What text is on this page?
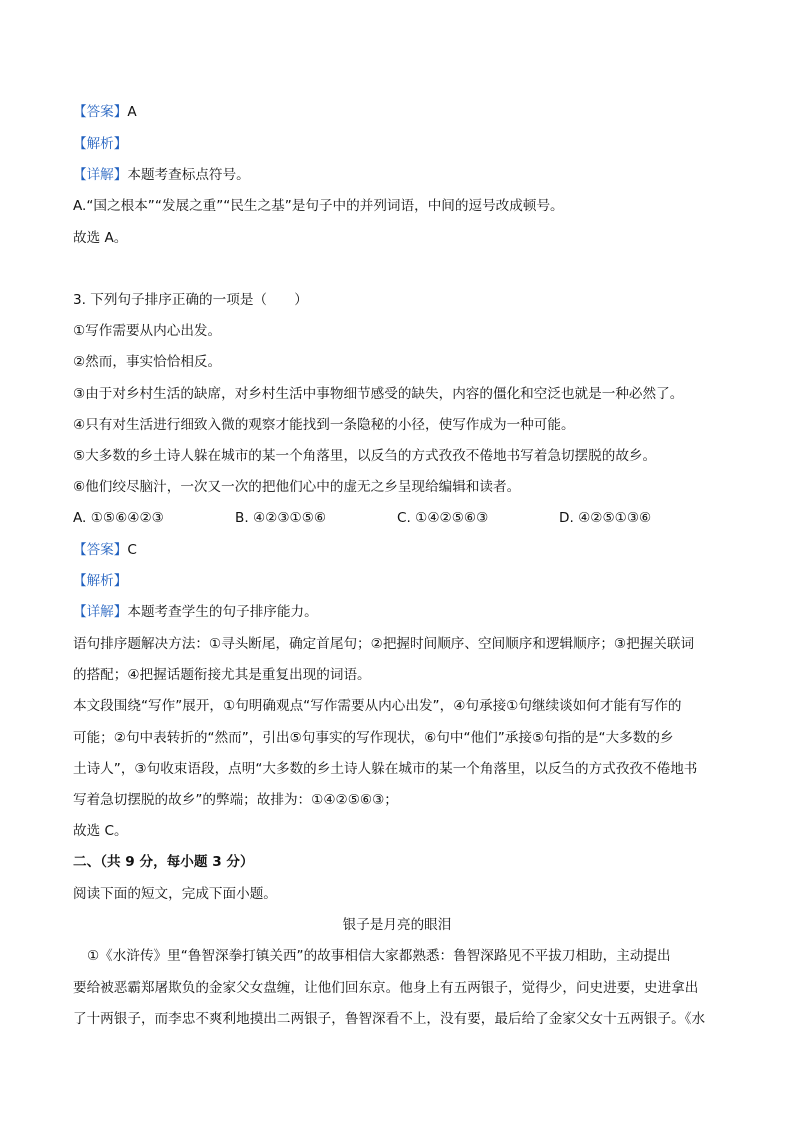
【答案】A
【解析】
【详解】本题考查标点符号。
A.“国之根本”“发展之重”“民生之基”是句子中的并列词语，中间的逗号改成顿号。
故选 A。
3. 下列句子排序正确的一项是（　　）
①写作需要从内心出发。
②然而，事实恰恰相反。
③由于对乡村生活的缺席，对乡村生活中事物细节感受的缺失，内容的僵化和空泛也就是一种必然了。
④只有对生活进行细致入微的观察才能找到一条隐秘的小径，使写作成为一种可能。
⑤大多数的乡土诗人躲在城市的某一个角落里，以反刍的方式孜孜不倦地书写着急切摆脱的故乡。
⑥他们绞尽脑汁，一次又一次的把他们心中的虚无之乡呈现给编辑和读者。
A. ①⑤⑥④②③	B. ④②③①⑤⑥	C. ①④②⑤⑥③	D. ④②⑤①③⑥
【答案】C
【解析】
【详解】本题考查学生的句子排序能力。
语句排序题解决方法：①寻头断尾，确定首尾句；②把握时间顺序、空间顺序和逻辑顺序；③把握关联词
的搭配；④把握话题衔接尤其是重复出现的词语。
本文段围绕“写作”展开，①句明确观点“写作需要从内心出发”，④句承接①句继续谈如何才能有写作的
可能；②句中表转折的“然而”，引出⑤句事实的写作现状，⑥句中“他们”承接⑤句指的是“大多数的乡
土诗人”，③句收束语段，点明“大多数的乡土诗人躲在城市的某一个角落里，以反刍的方式孜孜不倦地书
写着急切摆脱的故乡”的弊端；故排为：①④②⑤⑥③；
故选 C。
二、（共 9 分，每小题 3 分）
阅读下面的短文，完成下面小题。
银子是月亮的眼泪
①《水浒传》里“鲁智深拳打镇关西”的故事相信大家都熟悉：鲁智深路见不平拔刀相助，主动提出
要给被恶霸郑屠欺负的金家父女盘缠，让他们回东京。他身上有五两银子，觉得少，问史进要，史进拿出
了十两银子，而李忠不爽利地摸出二两银子，鲁智深看不上，没有要，最后给了金家父女十五两银子。《水
